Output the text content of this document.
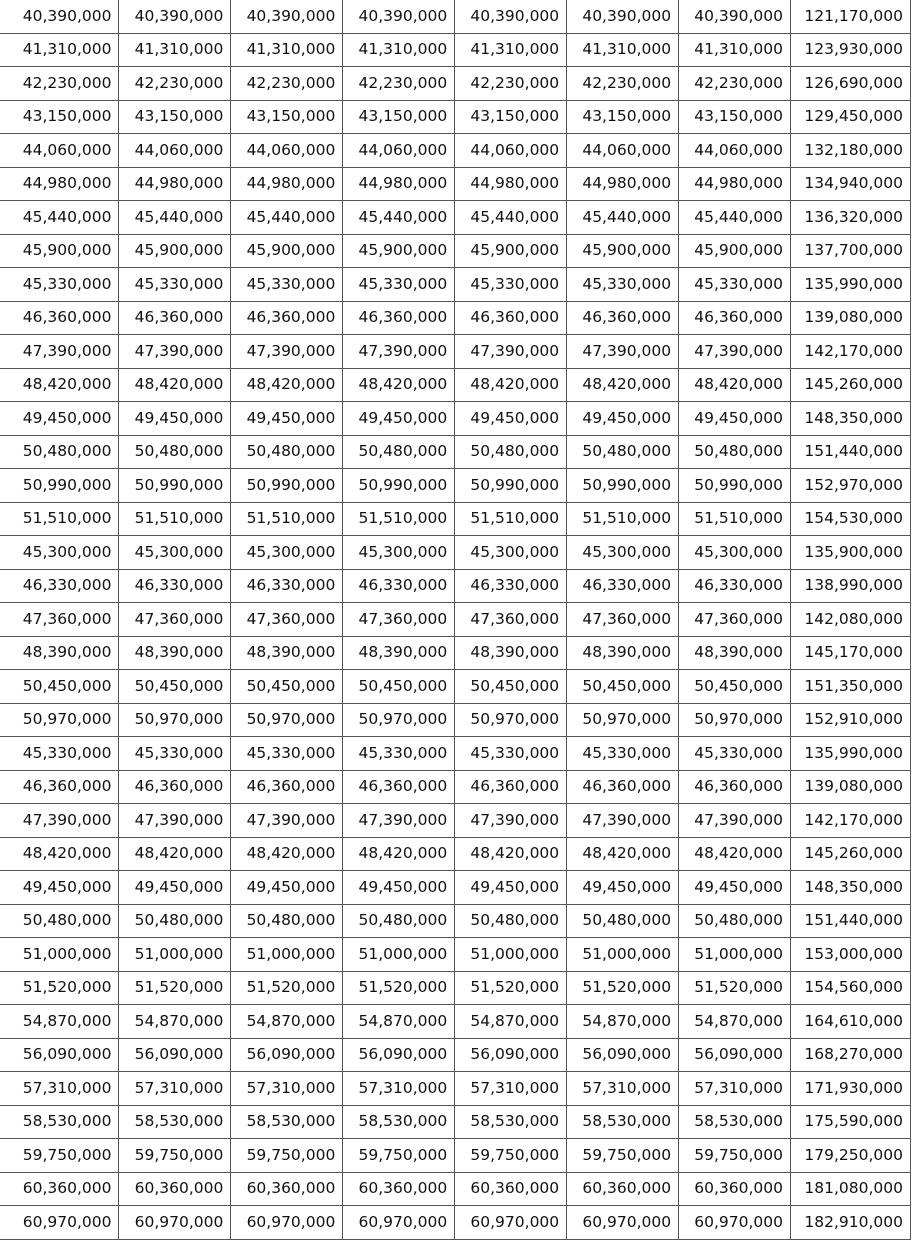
40,390,000	40,390,000	40,390,000	40,390,000	40,390,000	40,390,000	40,390,000	121,170,000
41,310,000	41,310,000	41,310,000	41,310,000	41,310,000	41,310,000	41,310,000	123,930,000
42,230,000	42,230,000	42,230,000	42,230,000	42,230,000	42,230,000	42,230,000	126,690,000
43,150,000	43,150,000	43,150,000	43,150,000	43,150,000	43,150,000	43,150,000	129,450,000
44,060,000	44,060,000	44,060,000	44,060,000	44,060,000	44,060,000	44,060,000	132,180,000
44,980,000	44,980,000	44,980,000	44,980,000	44,980,000	44,980,000	44,980,000	134,940,000
45,440,000	45,440,000	45,440,000	45,440,000	45,440,000	45,440,000	45,440,000	136,320,000
45,900,000	45,900,000	45,900,000	45,900,000	45,900,000	45,900,000	45,900,000	137,700,000
45,330,000	45,330,000	45,330,000	45,330,000	45,330,000	45,330,000	45,330,000	135,990,000
46,360,000	46,360,000	46,360,000	46,360,000	46,360,000	46,360,000	46,360,000	139,080,000
47,390,000	47,390,000	47,390,000	47,390,000	47,390,000	47,390,000	47,390,000	142,170,000
48,420,000	48,420,000	48,420,000	48,420,000	48,420,000	48,420,000	48,420,000	145,260,000
49,450,000	49,450,000	49,450,000	49,450,000	49,450,000	49,450,000	49,450,000	148,350,000
50,480,000	50,480,000	50,480,000	50,480,000	50,480,000	50,480,000	50,480,000	151,440,000
50,990,000	50,990,000	50,990,000	50,990,000	50,990,000	50,990,000	50,990,000	152,970,000
51,510,000	51,510,000	51,510,000	51,510,000	51,510,000	51,510,000	51,510,000	154,530,000
45,300,000	45,300,000	45,300,000	45,300,000	45,300,000	45,300,000	45,300,000	135,900,000
46,330,000	46,330,000	46,330,000	46,330,000	46,330,000	46,330,000	46,330,000	138,990,000
47,360,000	47,360,000	47,360,000	47,360,000	47,360,000	47,360,000	47,360,000	142,080,000
48,390,000	48,390,000	48,390,000	48,390,000	48,390,000	48,390,000	48,390,000	145,170,000
50,450,000	50,450,000	50,450,000	50,450,000	50,450,000	50,450,000	50,450,000	151,350,000
50,970,000	50,970,000	50,970,000	50,970,000	50,970,000	50,970,000	50,970,000	152,910,000
45,330,000	45,330,000	45,330,000	45,330,000	45,330,000	45,330,000	45,330,000	135,990,000
46,360,000	46,360,000	46,360,000	46,360,000	46,360,000	46,360,000	46,360,000	139,080,000
47,390,000	47,390,000	47,390,000	47,390,000	47,390,000	47,390,000	47,390,000	142,170,000
48,420,000	48,420,000	48,420,000	48,420,000	48,420,000	48,420,000	48,420,000	145,260,000
49,450,000	49,450,000	49,450,000	49,450,000	49,450,000	49,450,000	49,450,000	148,350,000
50,480,000	50,480,000	50,480,000	50,480,000	50,480,000	50,480,000	50,480,000	151,440,000
51,000,000	51,000,000	51,000,000	51,000,000	51,000,000	51,000,000	51,000,000	153,000,000
51,520,000	51,520,000	51,520,000	51,520,000	51,520,000	51,520,000	51,520,000	154,560,000
54,870,000	54,870,000	54,870,000	54,870,000	54,870,000	54,870,000	54,870,000	164,610,000
56,090,000	56,090,000	56,090,000	56,090,000	56,090,000	56,090,000	56,090,000	168,270,000
57,310,000	57,310,000	57,310,000	57,310,000	57,310,000	57,310,000	57,310,000	171,930,000
58,530,000	58,530,000	58,530,000	58,530,000	58,530,000	58,530,000	58,530,000	175,590,000
59,750,000	59,750,000	59,750,000	59,750,000	59,750,000	59,750,000	59,750,000	179,250,000
60,360,000	60,360,000	60,360,000	60,360,000	60,360,000	60,360,000	60,360,000	181,080,000
60,970,000	60,970,000	60,970,000	60,970,000	60,970,000	60,970,000	60,970,000	182,910,000
